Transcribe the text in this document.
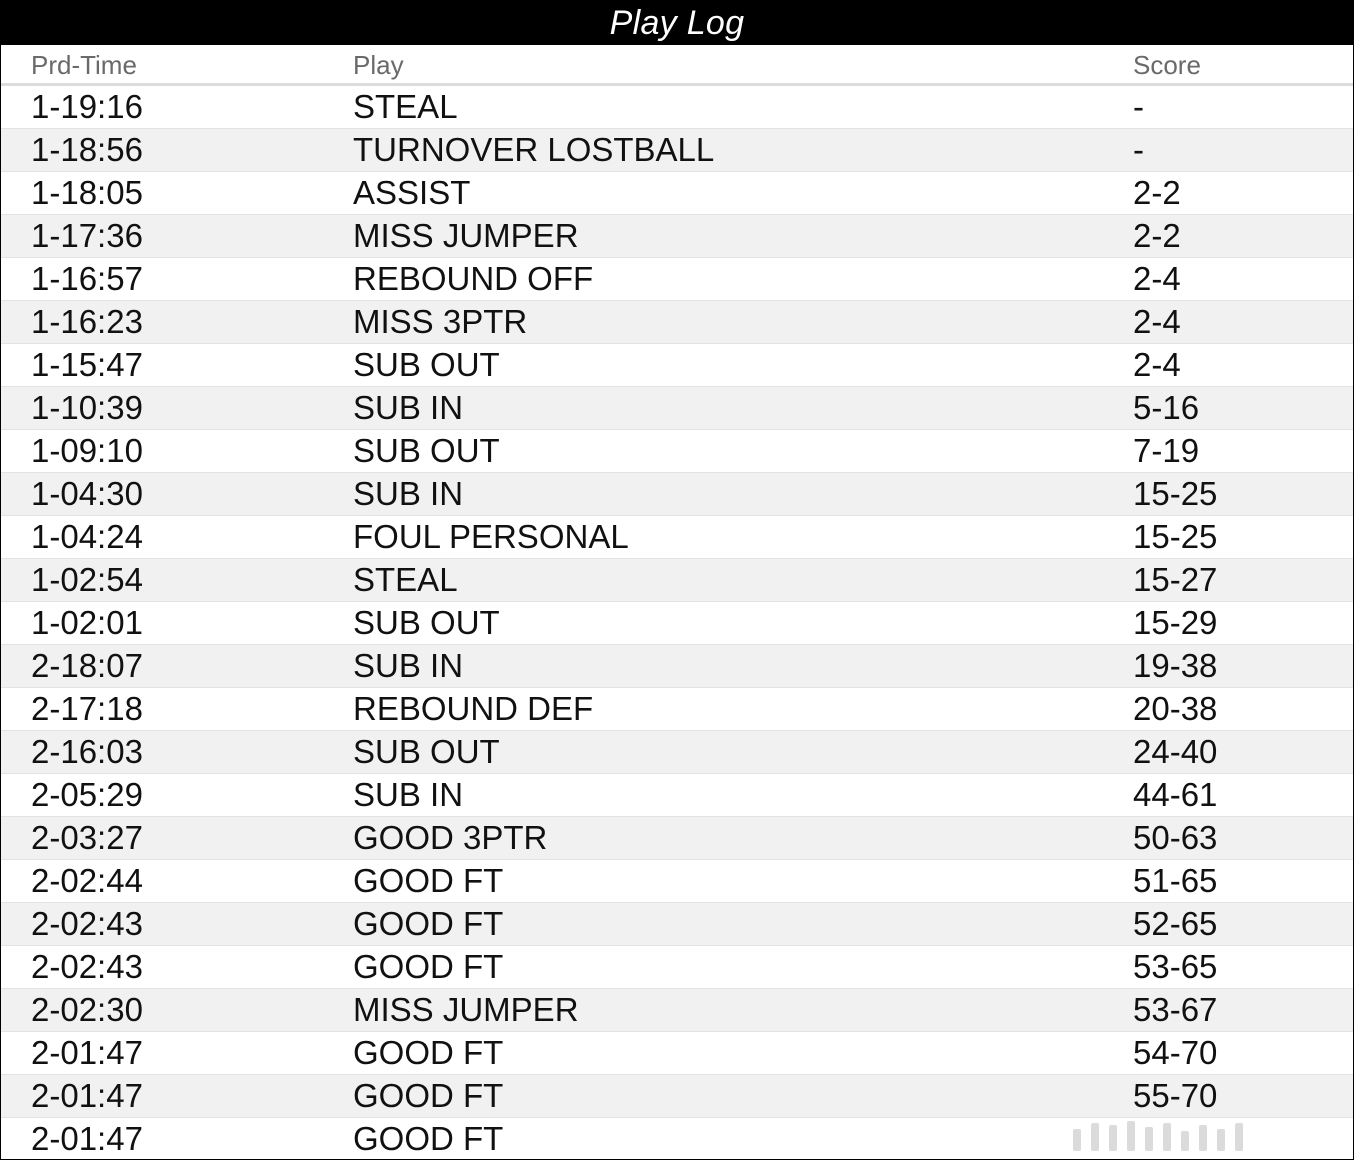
Play Log
Prd-Time	Play	Score
1-19:16	STEAL	-
1-18:56	TURNOVER LOSTBALL	-
1-18:05	ASSIST	2-2
1-17:36	MISS JUMPER	2-2
1-16:57	REBOUND OFF	2-4
1-16:23	MISS 3PTR	2-4
1-15:47	SUB OUT	2-4
1-10:39	SUB IN	5-16
1-09:10	SUB OUT	7-19
1-04:30	SUB IN	15-25
1-04:24	FOUL PERSONAL	15-25
1-02:54	STEAL	15-27
1-02:01	SUB OUT	15-29
2-18:07	SUB IN	19-38
2-17:18	REBOUND DEF	20-38
2-16:03	SUB OUT	24-40
2-05:29	SUB IN	44-61
2-03:27	GOOD 3PTR	50-63
2-02:44	GOOD FT	51-65
2-02:43	GOOD FT	52-65
2-02:43	GOOD FT	53-65
2-02:30	MISS JUMPER	53-67
2-01:47	GOOD FT	54-70
2-01:47	GOOD FT	55-70
2-01:47	GOOD FT
